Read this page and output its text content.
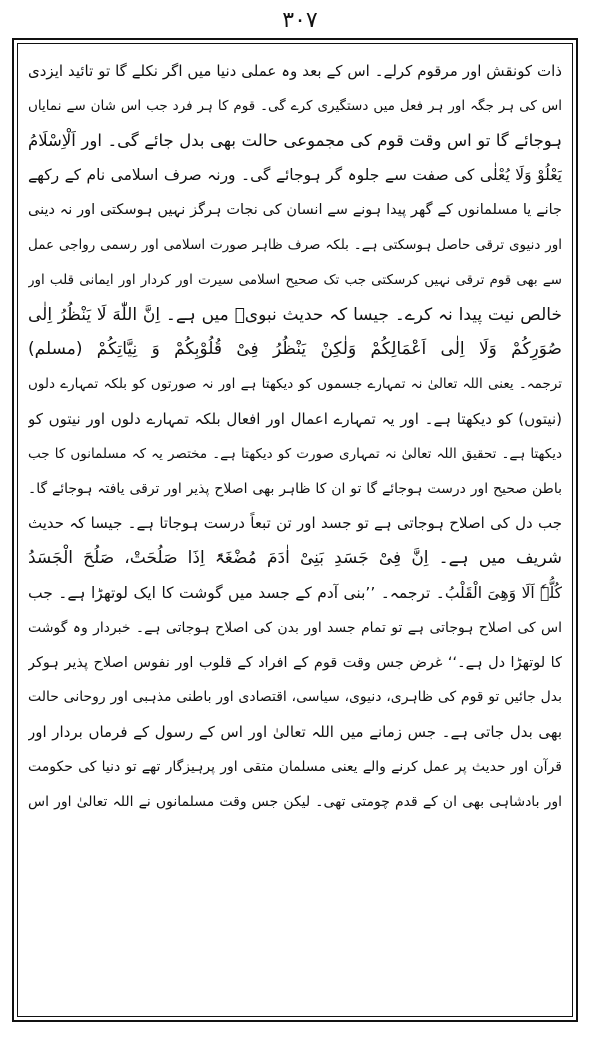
٣٠٧
ذات کونقش اور مرقوم کرلے۔ اس کے بعد وہ عملی دنیا میں اگر نکلے گا تو تائید ایزدی
اس کی ہر جگہ اور ہر فعل میں دستگیری کرے گی۔ قوم کا ہر فرد جب اس شان سے نمایاں
ہوجائے گا تو اس وقت قوم کی مجموعی حالت بھی بدل جائے گی۔ اور اَلْاِسْلَامُ
یَعْلُوْ وَلَا یُعْلٰی کی صفت سے جلوہ گر ہوجائے گی۔ ورنہ صرف اسلامی نام کے رکھے
جانے یا مسلمانوں کے گھر پیدا ہونے سے انسان کی نجات ہرگز نہیں ہوسکتی اور نہ دینی
اور دنیوی ترقی حاصل ہوسکتی ہے۔ بلکہ صرف ظاہر صورت اسلامی اور رسمی رواجی عمل
سے بھی قوم ترقی نہیں کرسکتی جب تک صحیح اسلامی سیرت اور کردار اور ایمانی قلب اور
خالص نیت پیدا نہ کرے۔ جیسا کہ حدیث نبویؐ میں ہے۔ اِنَّ اللّٰهَ لَا یَنْظُرُ اِلٰی
صُوَرِکُمْ وَلَا اِلٰی اَعْمَالِکُمْ وَلٰکِنْ یَنْظُرُ فِیْ قُلُوْبِکُمْ وَ نِیَّاتِکُمْ (مسلم)
ترجمہ۔ یعنی اللہ تعالیٰ نہ تمہارے جسموں کو دیکھتا ہے اور نہ صورتوں کو بلکہ تمہارے دلوں
(نیتوں) کو دیکھتا ہے۔ اور یہ تمہارے اعمال اور افعال بلکہ تمہارے دلوں اور نیتوں کو
دیکھتا ہے۔ تحقیق اللہ تعالیٰ نہ تمہاری صورت کو دیکھتا ہے۔ مختصر یہ کہ مسلمانوں کا جب
باطن صحیح اور درست ہوجائے گا تو ان کا ظاہر بھی اصلاح پذیر اور ترقی یافتہ ہوجائے گا۔
جب دل کی اصلاح ہوجاتی ہے تو جسد اور تن تبعاً درست ہوجاتا ہے۔ جیسا کہ حدیث
شریف میں ہے۔ اِنَّ فِیْ جَسَدِ بَنِیْ اٰدَمَ مُضْغَۃً اِذَا صَلُحَتْ، صَلُحَ الْجَسَدُ
کُلُّہٗ اَلَا وَھِیَ الْقَلْبُ۔ ترجمہ۔ ’’بنی آدم کے جسد میں گوشت کا ایک لوتھڑا ہے۔ جب
اس کی اصلاح ہوجاتی ہے تو تمام جسد اور بدن کی اصلاح ہوجاتی ہے۔ خبردار وہ گوشت
کا لوتھڑا دل ہے۔‘‘ غرض جس وقت قوم کے افراد کے قلوب اور نفوس اصلاح پذیر ہوکر
بدل جائیں تو قوم کی ظاہری، دنیوی، سیاسی، اقتصادی اور باطنی مذہبی اور روحانی حالت
بھی بدل جاتی ہے۔ جس زمانے میں اللہ تعالیٰ اور اس کے رسول کے فرماں بردار اور
قرآن اور حدیث پر عمل کرنے والے یعنی مسلمان متقی اور پرہیزگار تھے تو دنیا کی حکومت
اور بادشاہی بھی ان کے قدم چومتی تھی۔ لیکن جس وقت مسلمانوں نے اللہ تعالیٰ اور اس
